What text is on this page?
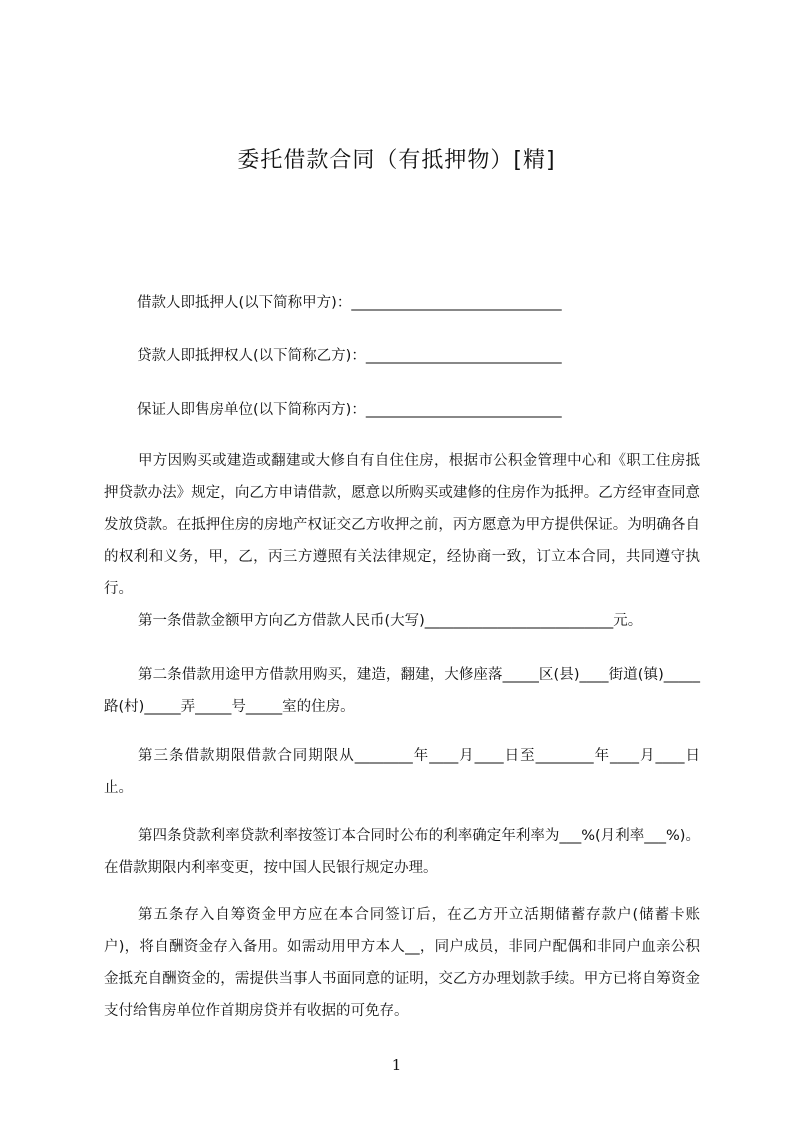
委托借款合同（有抵押物）[精]
借款人即抵押人(以下简称甲方)：_____________________________
贷款人即抵押权人(以下简称乙方)：___________________________
保证人即售房单位(以下简称丙方)：___________________________
甲方因购买或建造或翻建或大修自有自住住房，根据市公积金管理中心和《职工住房抵押贷款办法》规定，向乙方申请借款，愿意以所购买或建修的住房作为抵押。乙方经审查同意发放贷款。在抵押住房的房地产权证交乙方收押之前，丙方愿意为甲方提供保证。为明确各自的权利和义务，甲，乙，丙三方遵照有关法律规定，经协商一致，订立本合同，共同遵守执行。
第一条借款金额甲方向乙方借款人民币(大写)__________________________元。
第二条借款用途甲方借款用购买，建造，翻建，大修座落_____区(县)____街道(镇)_____路(村)_____弄_____号_____室的住房。
第三条借款期限借款合同期限从________年____月____日至________年____月____日止。
第四条贷款利率贷款利率按签订本合同时公布的利率确定年利率为___%(月利率___%)。在借款期限内利率变更，按中国人民银行规定办理。
第五条存入自筹资金甲方应在本合同签订后，在乙方开立活期储蓄存款户(储蓄卡账户)，将自酬资金存入备用。如需动用甲方本人__，同户成员，非同户配偶和非同户血亲公积金抵充自酬资金的，需提供当事人书面同意的证明，交乙方办理划款手续。甲方已将自筹资金支付给售房单位作首期房贷并有收据的可免存。
1
